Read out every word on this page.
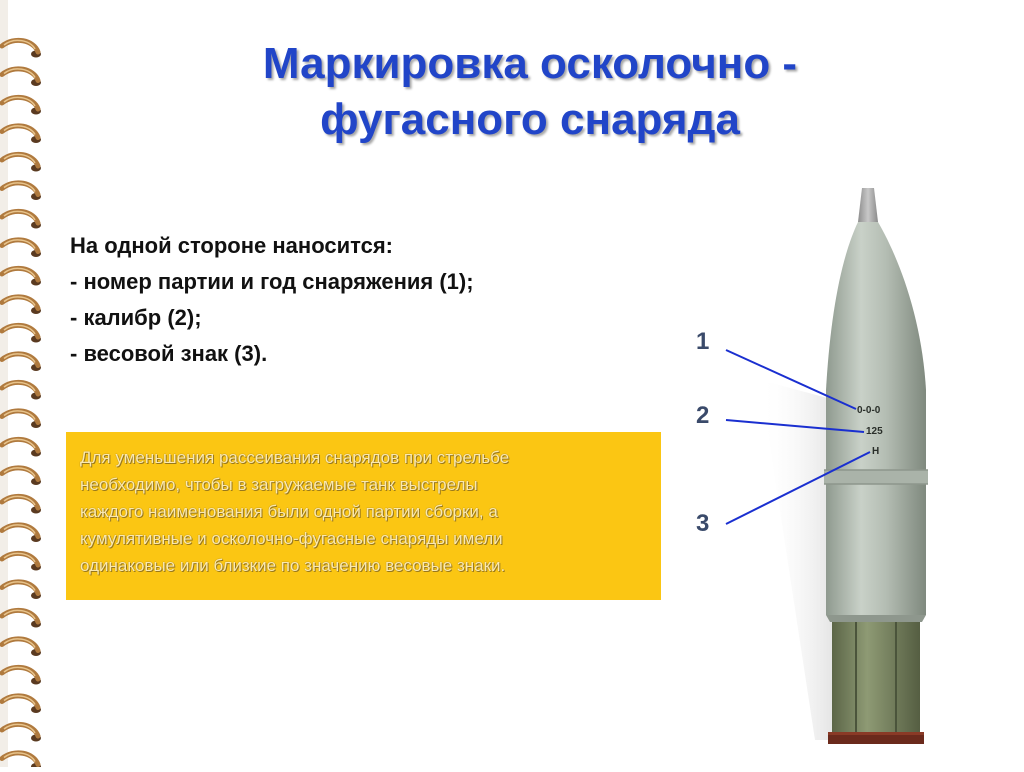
Маркировка осколочно -
фугасного снаряда
На одной стороне наносится:
- номер партии и год снаряжения (1);
- калибр (2);
- весовой знак (3).
Для уменьшения рассеивания снарядов при стрельбе
необходимо, чтобы в загружаемые танк выстрелы
каждого наименования были одной партии сборки, а
кумулятивные и осколочно-фугасные снаряды имели
одинаковые или близкие по значению весовые знаки.
1
2
3
0-0-0
125
Н
